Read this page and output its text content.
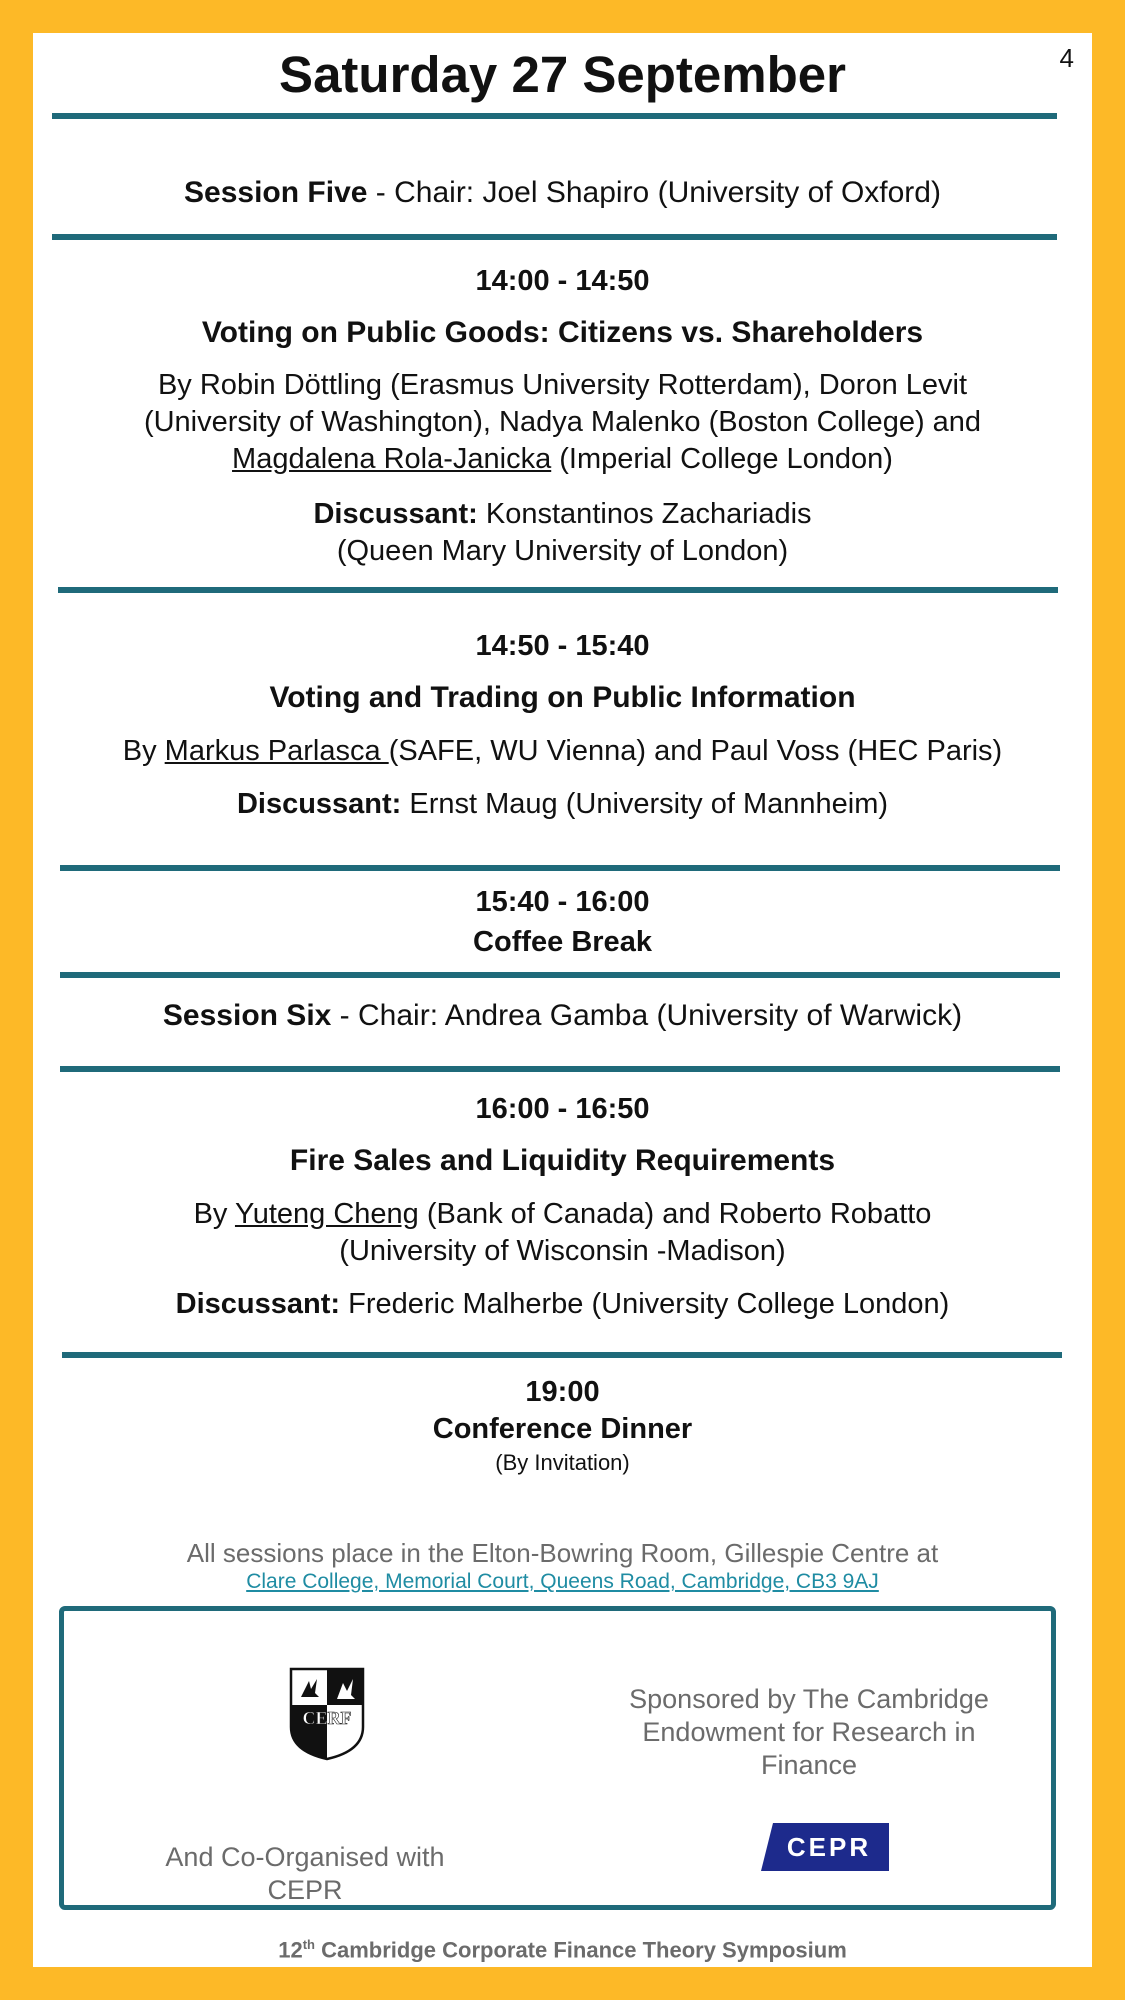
Saturday 27 September	4
Session Five - Chair: Joel Shapiro (University of Oxford)
14:00 - 14:50
Voting on Public Goods: Citizens vs. Shareholders
By Robin Döttling (Erasmus University Rotterdam), Doron Levit
(University of Washington), Nadya Malenko (Boston College) and
Magdalena Rola-Janicka (Imperial College London)
Discussant: Konstantinos Zachariadis
(Queen Mary University of London)
14:50 - 15:40
Voting and Trading on Public Information
By Markus Parlasca (SAFE, WU Vienna) and Paul Voss (HEC Paris)
Discussant: Ernst Maug (University of Mannheim)
15:40 - 16:00
Coffee Break
Session Six - Chair: Andrea Gamba (University of Warwick)
16:00 - 16:50
Fire Sales and Liquidity Requirements
By Yuteng Cheng (Bank of Canada) and Roberto Robatto
(University of Wisconsin -Madison)
Discussant: Frederic Malherbe (University College London)
19:00
Conference Dinner
(By Invitation)
All sessions place in the Elton-Bowring Room, Gillespie Centre at
Clare College, Memorial Court, Queens Road, Cambridge, CB3 9AJ
CERF
Sponsored by The Cambridge Endowment for Research in Finance
And Co-Organised with CEPR
CEPR
12th Cambridge Corporate Finance Theory Symposium
